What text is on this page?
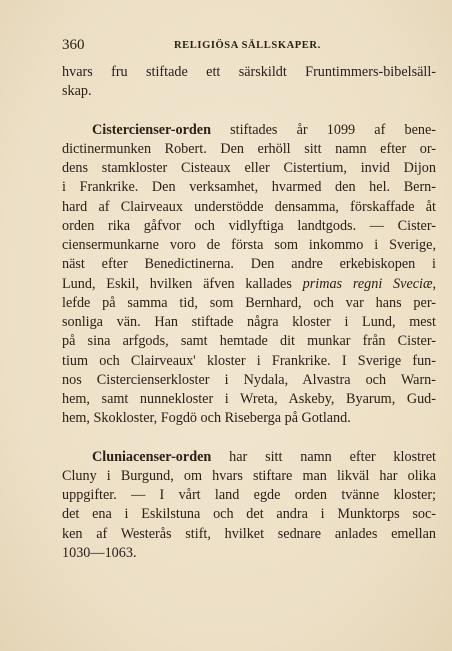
360	RELIGIÖSA SÄLLSKAPER.
hvars fru stiftade ett särskildt Fruntimmers-bibelsäll-
skap.
Cistercienser-orden stiftades år 1099 af bene-
dictinermunken Robert. Den erhöll sitt namn efter or-
dens stamkloster Cisteaux eller Cistertium, invid Dijon
i Frankrike. Den verksamhet, hvarmed den hel. Bern-
hard af Clairveaux understödde densamma, förskaffade åt
orden rika gåfvor och vidlyftiga landtgods. — Cister-
ciensermunkarne voro de första som inkommo i Sverige,
näst efter Benedictinerna. Den andre erkebiskopen i
Lund, Eskil, hvilken äfven kallades primas regni Sveciæ,
lefde på samma tid, som Bernhard, och var hans per-
sonliga vän. Han stiftade några kloster i Lund, mest
på sina arfgods, samt hemtade dit munkar från Cister-
tium och Clairveaux' kloster i Frankrike. I Sverige fun-
nos Cistercienserkloster i Nydala, Alvastra och Warn-
hem, samt nunnekloster i Wreta, Askeby, Byarum, Gud-
hem, Skokloster, Fogdö och Riseberga på Gotland.
Cluniacenser-orden har sitt namn efter klostret
Cluny i Burgund, om hvars stiftare man likväl har olika
uppgifter. — I vårt land egde orden tvänne kloster;
det ena i Eskilstuna och det andra i Munktorps soc-
ken af Westerås stift, hvilket sednare anlades emellan
1030—1063.
